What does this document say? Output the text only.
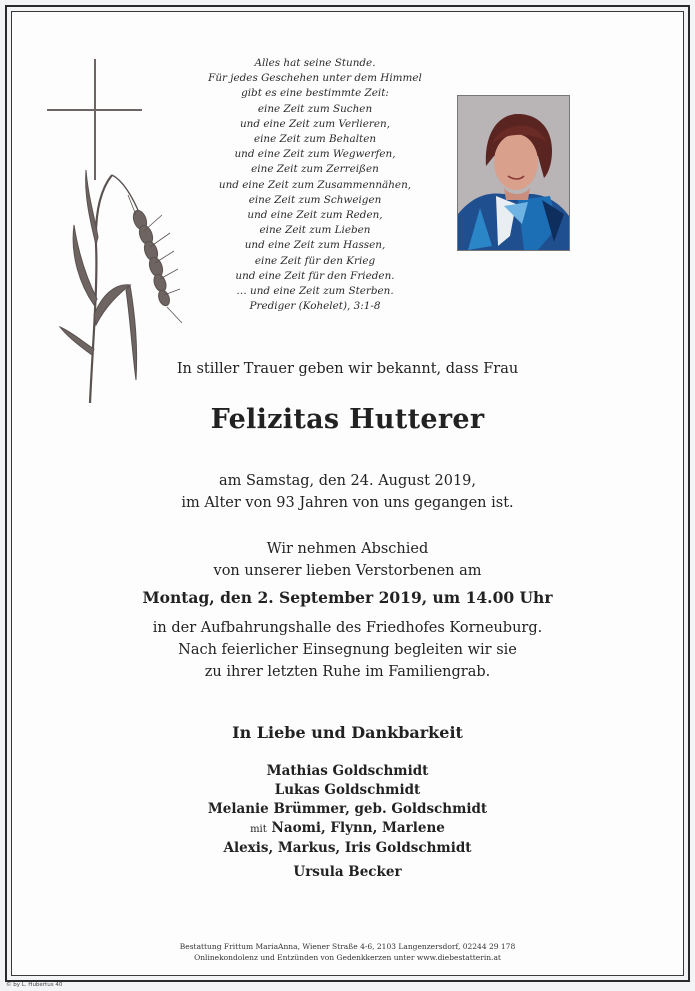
Alles hat seine Stunde.
Für jedes Geschehen unter dem Himmel
gibt es eine bestimmte Zeit:
eine Zeit zum Suchen
und eine Zeit zum Verlieren,
eine Zeit zum Behalten
und eine Zeit zum Wegwerfen,
eine Zeit zum Zerreißen
und eine Zeit zum Zusammennähen,
eine Zeit zum Schweigen
und eine Zeit zum Reden,
eine Zeit zum Lieben
und eine Zeit zum Hassen,
eine Zeit für den Krieg
und eine Zeit für den Frieden.
… und eine Zeit zum Sterben.
Prediger (Kohelet), 3:1-8
In stiller Trauer geben wir bekannt, dass Frau
Felizitas Hutterer
am Samstag, den 24. August 2019,
im Alter von 93 Jahren von uns gegangen ist.
Wir nehmen Abschied
von unserer lieben Verstorbenen am
Montag, den 2. September 2019, um 14.00 Uhr
in der Aufbahrungshalle des Friedhofes Korneuburg.
Nach feierlicher Einsegnung begleiten wir sie
zu ihrer letzten Ruhe im Familiengrab.
In Liebe und Dankbarkeit
Mathias Goldschmidt
Lukas Goldschmidt
Melanie Brümmer, geb. Goldschmidt
mit Naomi, Flynn, Marlene
Alexis, Markus, Iris Goldschmidt
Ursula Becker
Bestattung Frittum MariaAnna, Wiener Straße 4-6, 2103 Langenzersdorf, 02244 29 178
Onlinekondolenz und Entzünden von Gedenkkerzen unter www.diebestatterin.at
© by L. Hubertus 40
